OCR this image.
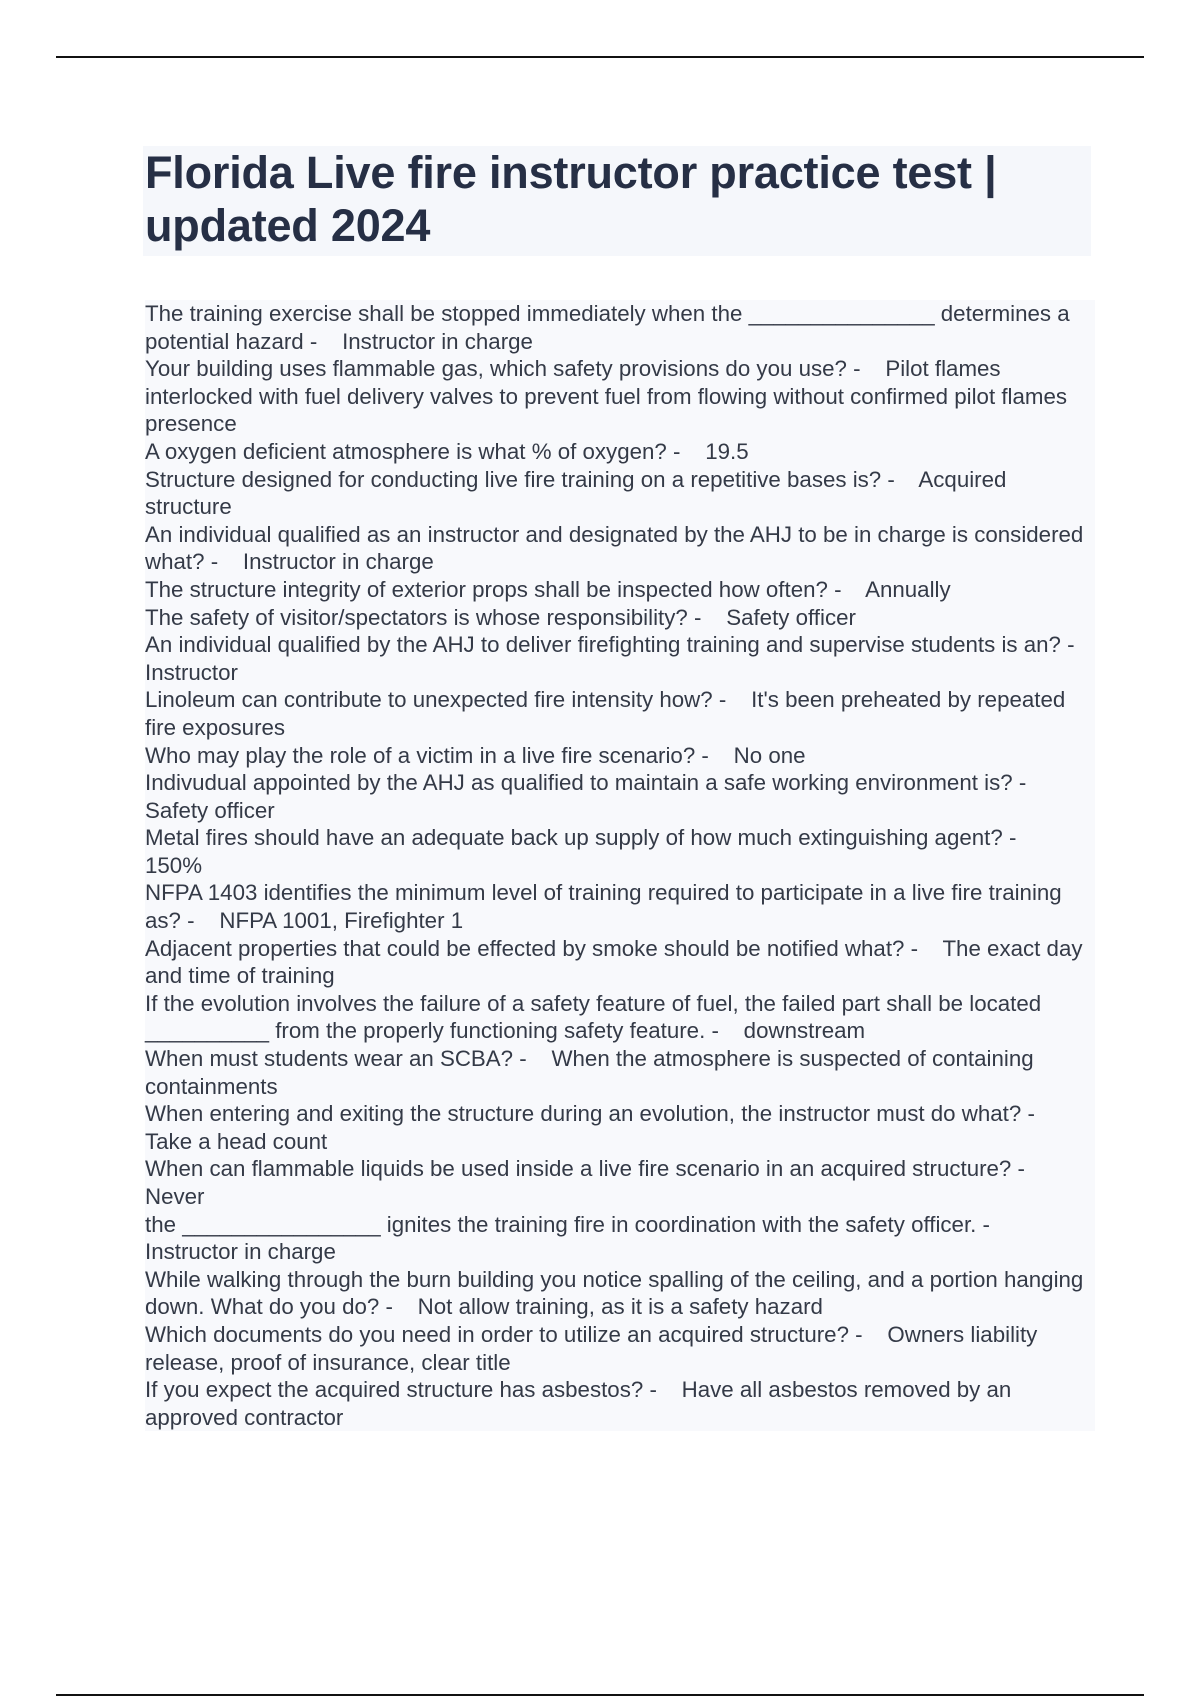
Florida Live fire instructor practice test | updated 2024
The training exercise shall be stopped immediately when the _______________ determines a potential hazard - Instructor in charge
Your building uses flammable gas, which safety provisions do you use? - Pilot flames interlocked with fuel delivery valves to prevent fuel from flowing without confirmed pilot flames presence
A oxygen deficient atmosphere is what % of oxygen? - 19.5
Structure designed for conducting live fire training on a repetitive bases is? - Acquired structure
An individual qualified as an instructor and designated by the AHJ to be in charge is considered what? - Instructor in charge
The structure integrity of exterior props shall be inspected how often? - Annually
The safety of visitor/spectators is whose responsibility? - Safety officer
An individual qualified by the AHJ to deliver firefighting training and supervise students is an? -    Instructor
Linoleum can contribute to unexpected fire intensity how? - It's been preheated by repeated fire exposures
Who may play the role of a victim in a live fire scenario? - No one
Indivudual appointed by the AHJ as qualified to maintain a safe working environment is? -    Safety officer
Metal fires should have an adequate back up supply of how much extinguishing agent? -    150%
NFPA 1403 identifies the minimum level of training required to participate in a live fire training as? - NFPA 1001, Firefighter 1
Adjacent properties that could be effected by smoke should be notified what? - The exact day and time of training
If the evolution involves the failure of a safety feature of fuel, the failed part shall be located __________ from the properly functioning safety feature. - downstream
When must students wear an SCBA? - When the atmosphere is suspected of containing containments
When entering and exiting the structure during an evolution, the instructor must do what? -    Take a head count
When can flammable liquids be used inside a live fire scenario in an acquired structure? -    Never
the ________________ ignites the training fire in coordination with the safety officer. -    Instructor in charge
While walking through the burn building you notice spalling of the ceiling, and a portion hanging down. What do you do? - Not allow training, as it is a safety hazard
Which documents do you need in order to utilize an acquired structure? - Owners liability release, proof of insurance, clear title
If you expect the acquired structure has asbestos? - Have all asbestos removed by an approved contractor
